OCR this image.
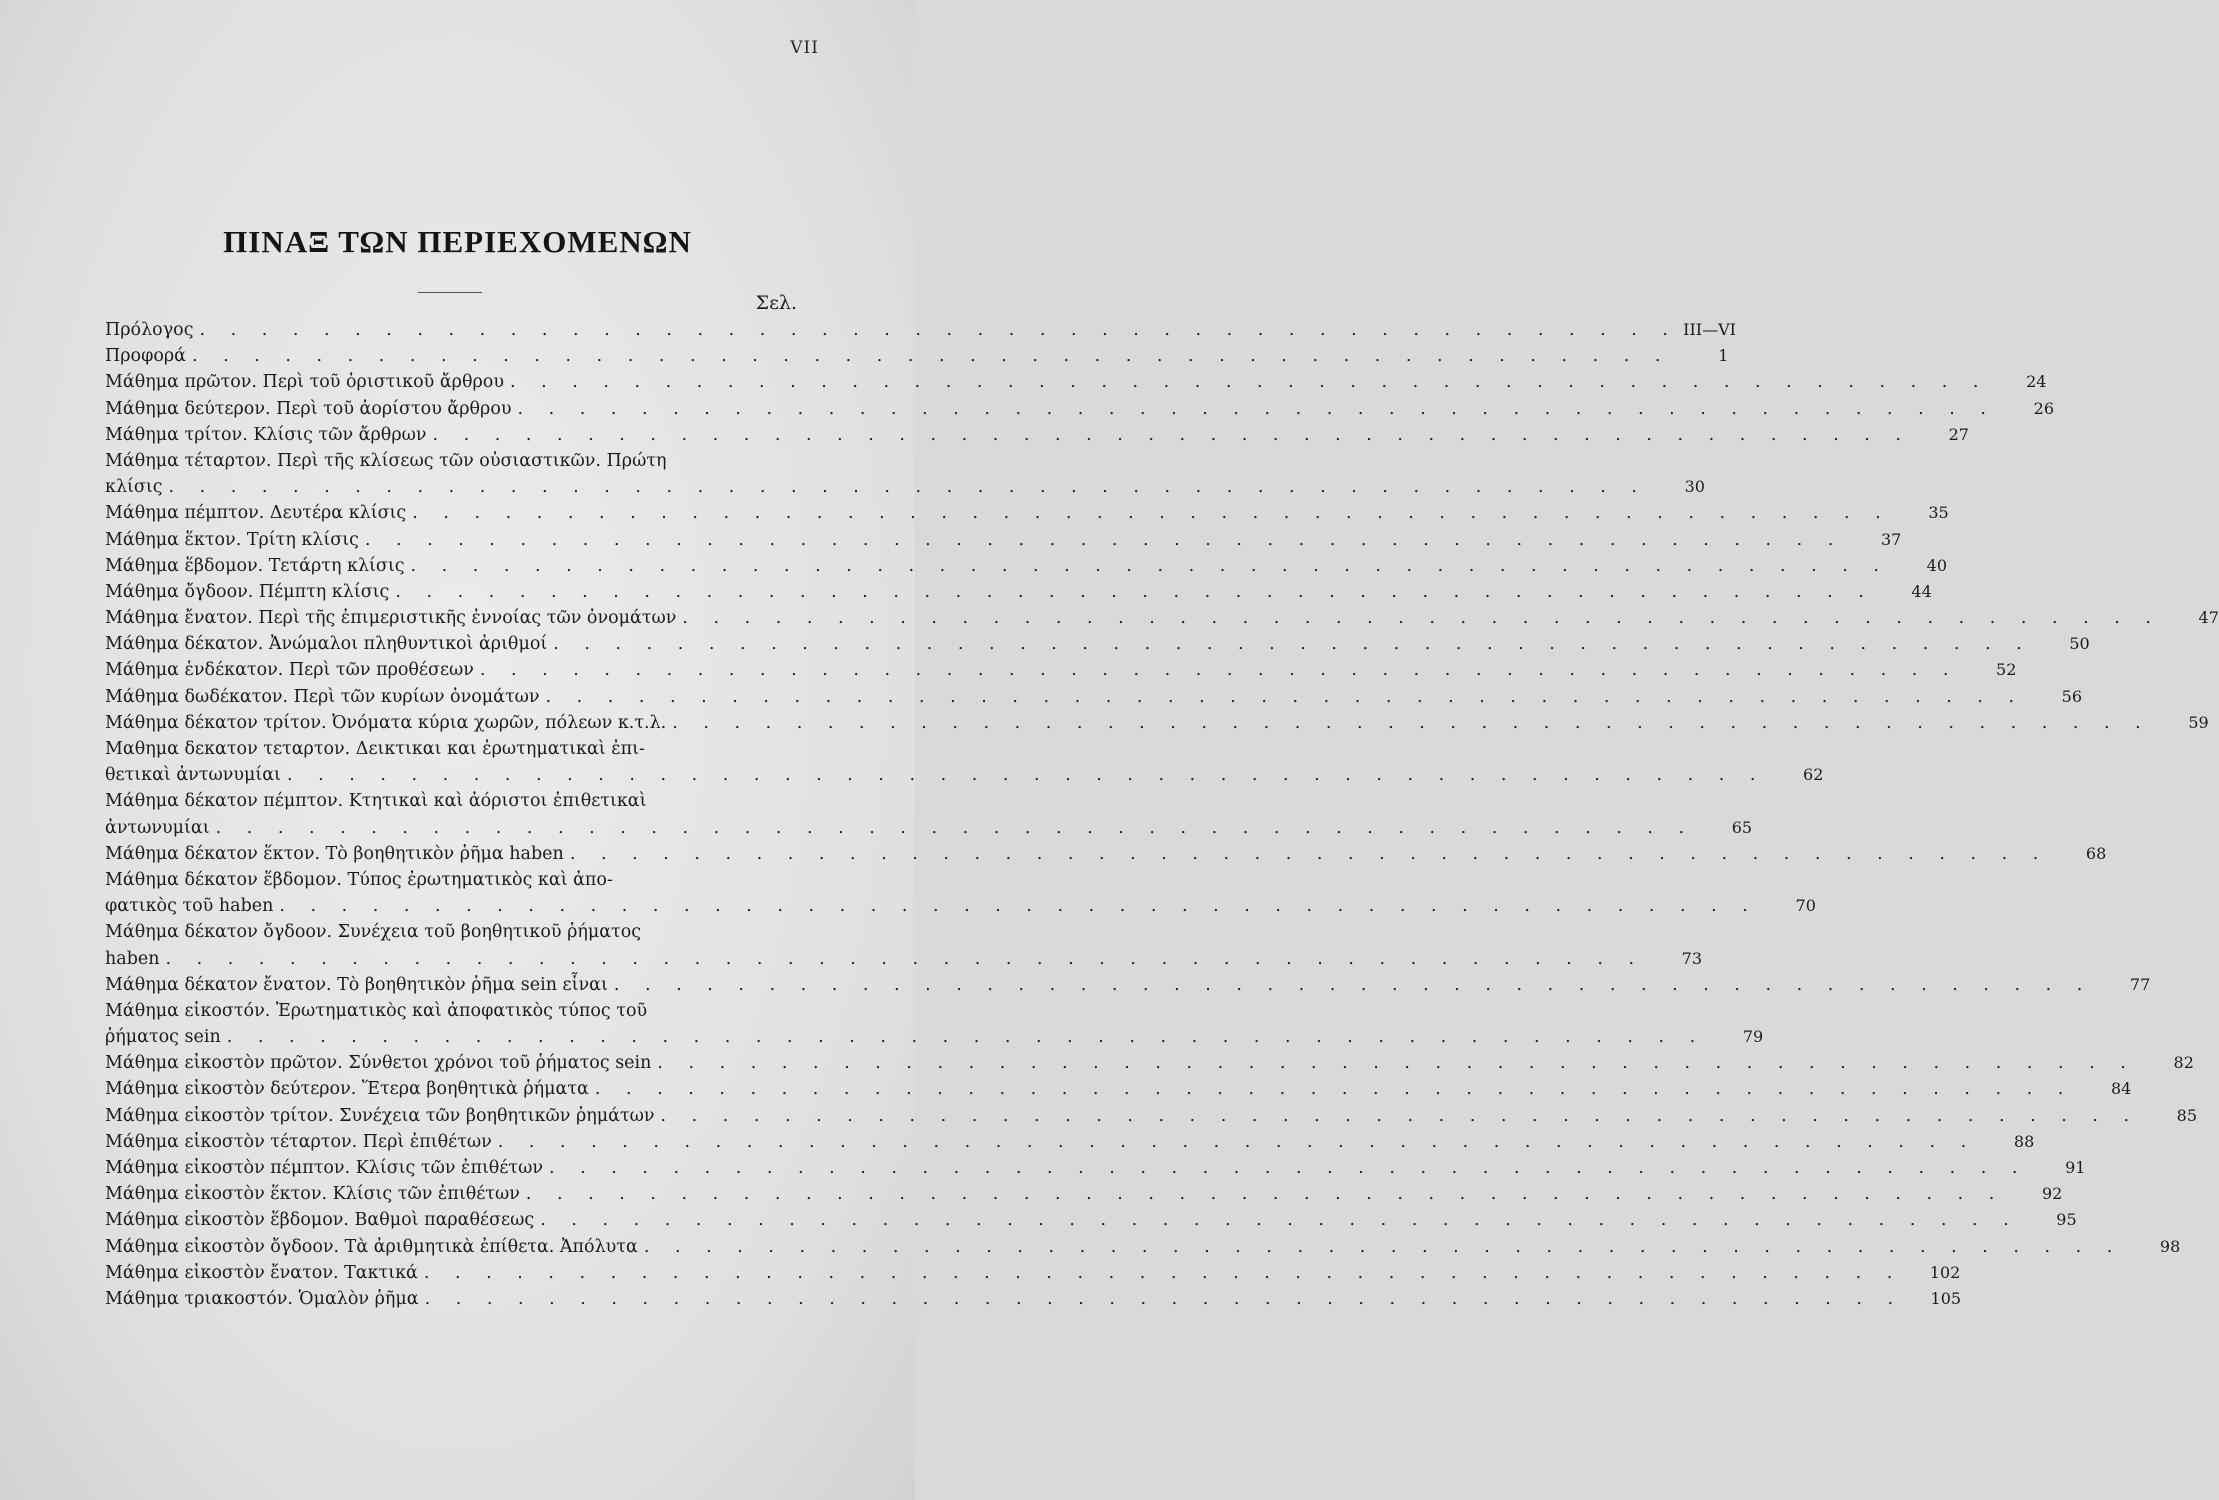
VII
ΠΙΝΑΞ ΤΩΝ ΠΕΡΙΕΧΟΜΕΝΩΝ
Σελ.
Πρόλογος . . .	III—VI
Προφορά . . .	1
Μάθημα πρῶτον. Περὶ τοῦ ὁριστικοῦ ἄρθρου . . .	24
Μάθημα δεύτερον. Περὶ τοῦ ἀορίστου ἄρθρου . . .	26
Μάθημα τρίτον. Κλίσις τῶν ἄρθρων . . .	27
Μάθημα τέταρτον. Περὶ τῆς κλίσεως τῶν οὐσιαστικῶν. Πρώτη
κλίσις . . .	30
Μάθημα πέμπτον. Δευτέρα κλίσις . . .	35
Μάθημα ἕκτον. Τρίτη κλίσις . . .	37
Μάθημα ἕβδομον. Τετάρτη κλίσις . . .	40
Μάθημα ὄγδοον. Πέμπτη κλίσις . . .	44
Μάθημα ἔνατον. Περὶ τῆς ἐπιμεριστικῆς ἐννοίας τῶν ὀνομάτων . . .	47
Μάθημα δέκατον. Ἀνώμαλοι πληθυντικοὶ ἀριθμοί . . .	50
Μάθημα ἑνδέκατον. Περὶ τῶν προθέσεων . . .	52
Μάθημα δωδέκατον. Περὶ τῶν κυρίων ὀνομάτων . . .	56
Μάθημα δέκατον τρίτον. Ὀνόματα κύρια χωρῶν, πόλεων κ.τ.λ. . . .	59
Μαθημα δεκατον τεταρτον. Δεικτικαι και ἐρωτηματικαὶ ἐπι-
θετικαὶ ἀντωνυμίαι . . .	62
Μάθημα δέκατον πέμπτον. Κτητικαὶ καὶ ἀόριστοι ἐπιθετικαὶ
ἀντωνυμίαι . . .	65
Μάθημα δέκατον ἕκτον. Τὸ βοηθητικὸν ῥῆμα haben . . .	68
Μάθημα δέκατον ἕβδομον. Τύπος ἐρωτηματικὸς καὶ ἀπο-
φατικὸς τοῦ haben . . .	70
Μάθημα δέκατον ὄγδοον. Συνέχεια τοῦ βοηθητικοῦ ῥήματος
haben . . .	73
Μάθημα δέκατον ἔνατον. Τὸ βοηθητικὸν ῥῆμα sein εἶναι . . .	77
Μάθημα εἰκοστόν. Ἐρωτηματικὸς καὶ ἀποφατικὸς τύπος τοῦ
ῥήματος sein . . .	79
Μάθημα εἰκοστὸν πρῶτον. Σύνθετοι χρόνοι τοῦ ῥήματος sein . . .	82
Μάθημα εἰκοστὸν δεύτερον. Ἕτερα βοηθητικὰ ῥήματα . . .	84
Μάθημα εἰκοστὸν τρίτον. Συνέχεια τῶν βοηθητικῶν ῥημάτων . . .	85
Μάθημα εἰκοστὸν τέταρτον. Περὶ ἐπιθέτων . . .	88
Μάθημα εἰκοστὸν πέμπτον. Κλίσις τῶν ἐπιθέτων . . .	91
Μάθημα εἰκοστὸν ἕκτον. Κλίσις τῶν ἐπιθέτων . . .	92
Μάθημα εἰκοστὸν ἕβδομον. Βαθμοὶ παραθέσεως . . .	95
Μάθημα εἰκοστὸν ὄγδοον. Τὰ ἀριθμητικὰ ἐπίθετα. Ἀπόλυτα . . .	98
Μάθημα εἰκοστὸν ἔνατον. Τακτικά . . .	102
Μάθημα τριακοστόν. Ὁμαλὸν ῥῆμα . . .	105
